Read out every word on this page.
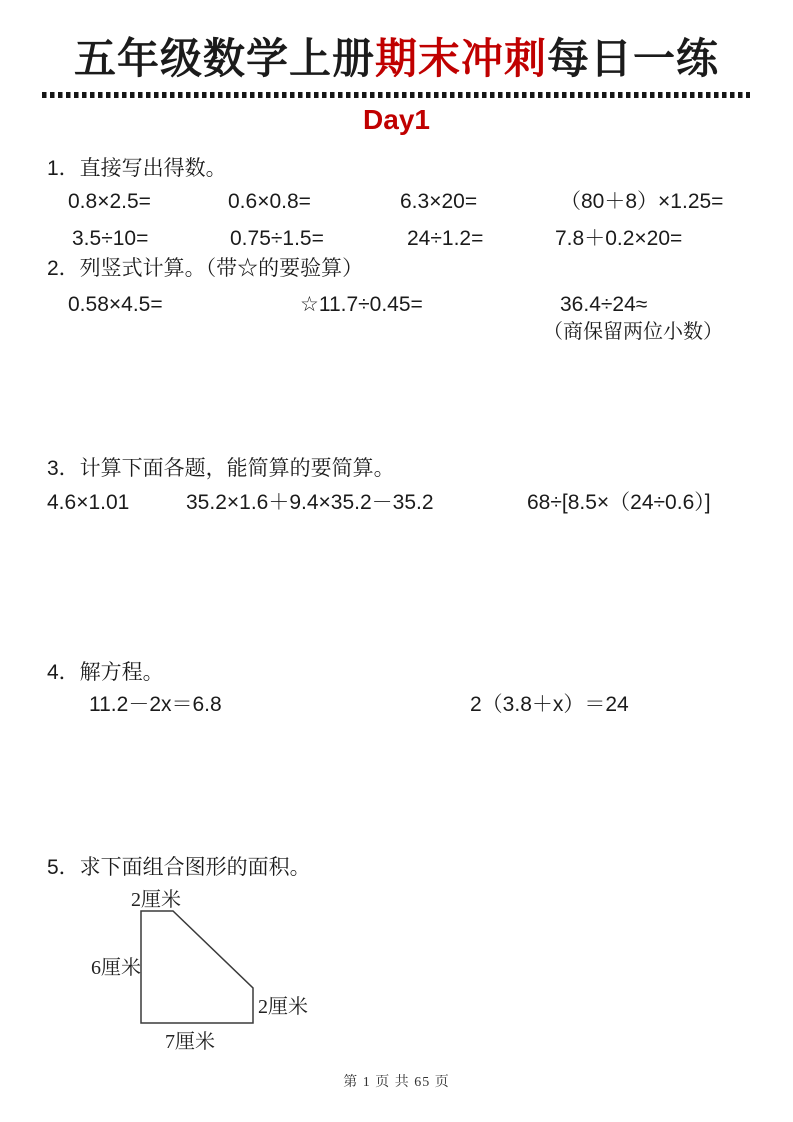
五年级数学上册期末冲刺每日一练
Day1
1．直接写出得数。
0.8×2.5=	0.6×0.8=	6.3×20=	（80＋8）×1.25=
3.5÷10=	0.75÷1.5=	24÷1.2=	7.8＋0.2×20=
2．列竖式计算。（带☆的要验算）
0.58×4.5=	☆11.7÷0.45=	36.4÷24≈
（商保留两位小数）
3．计算下面各题，能简算的要简算。
4.6×1.01	35.2×1.6＋9.4×35.2－35.2	68÷[8.5×（24÷0.6）]
4．解方程。
11.2－2x＝6.8	2（3.8＋x）＝24
5．求下面组合图形的面积。
2厘米
6厘米
2厘米
7厘米
第 1 页 共 65 页
